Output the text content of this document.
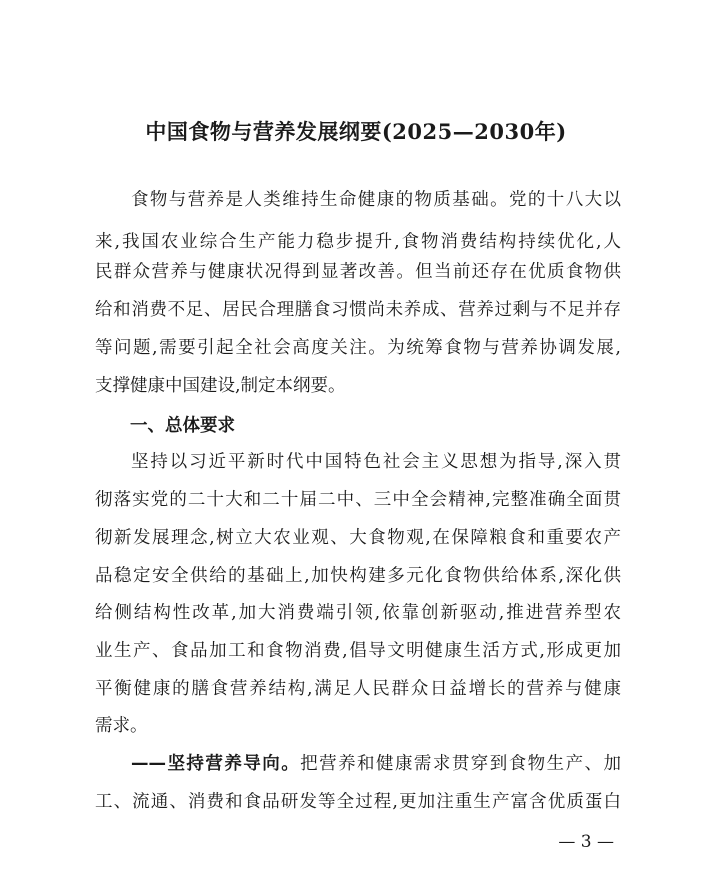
中国食物与营养发展纲要(2025—2030年)
食物与营养是人类维持生命健康的物质基础。党的十八大以
来,我国农业综合生产能力稳步提升,食物消费结构持续优化,人
民群众营养与健康状况得到显著改善。但当前还存在优质食物供
给和消费不足、居民合理膳食习惯尚未养成、营养过剩与不足并存
等问题,需要引起全社会高度关注。为统筹食物与营养协调发展,
支撑健康中国建设,制定本纲要。
一、总体要求
坚持以习近平新时代中国特色社会主义思想为指导,深入贯
彻落实党的二十大和二十届二中、三中全会精神,完整准确全面贯
彻新发展理念,树立大农业观、大食物观,在保障粮食和重要农产
品稳定安全供给的基础上,加快构建多元化食物供给体系,深化供
给侧结构性改革,加大消费端引领,依靠创新驱动,推进营养型农
业生产、食品加工和食物消费,倡导文明健康生活方式,形成更加
平衡健康的膳食营养结构,满足人民群众日益增长的营养与健康
需求。
——坚持营养导向。把营养和健康需求贯穿到食物生产、加
工、流通、消费和食品研发等全过程,更加注重生产富含优质蛋白
— 3 —
